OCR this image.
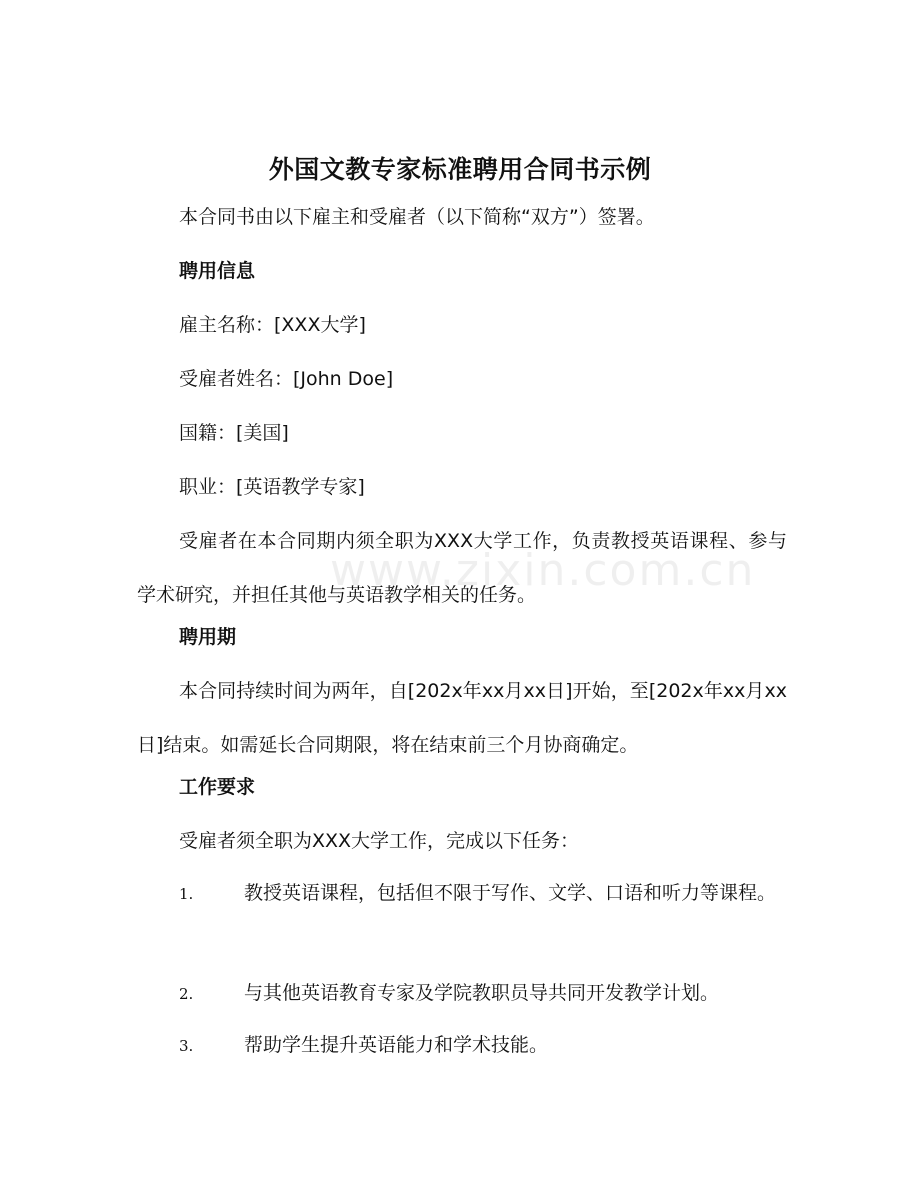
外国文教专家标准聘用合同书示例
本合同书由以下雇主和受雇者（以下简称“双方”）签署。
聘用信息
雇主名称：[XXX大学]
受雇者姓名：[John Doe]
国籍：[美国]
职业：[英语教学专家]
受雇者在本合同期内须全职为XXX大学工作，负责教授英语课程、参与学术研究，并担任其他与英语教学相关的任务。
聘用期
本合同持续时间为两年，自[202x年xx月xx日]开始，至[202x年xx月xx日]结束。如需延长合同期限，将在结束前三个月协商确定。
工作要求
受雇者须全职为XXX大学工作，完成以下任务：
1.	教授英语课程，包括但不限于写作、文学、口语和听力等课程。
2.	与其他英语教育专家及学院教职员导共同开发教学计划。
3.	帮助学生提升英语能力和学术技能。
www.zixin.com.cn
